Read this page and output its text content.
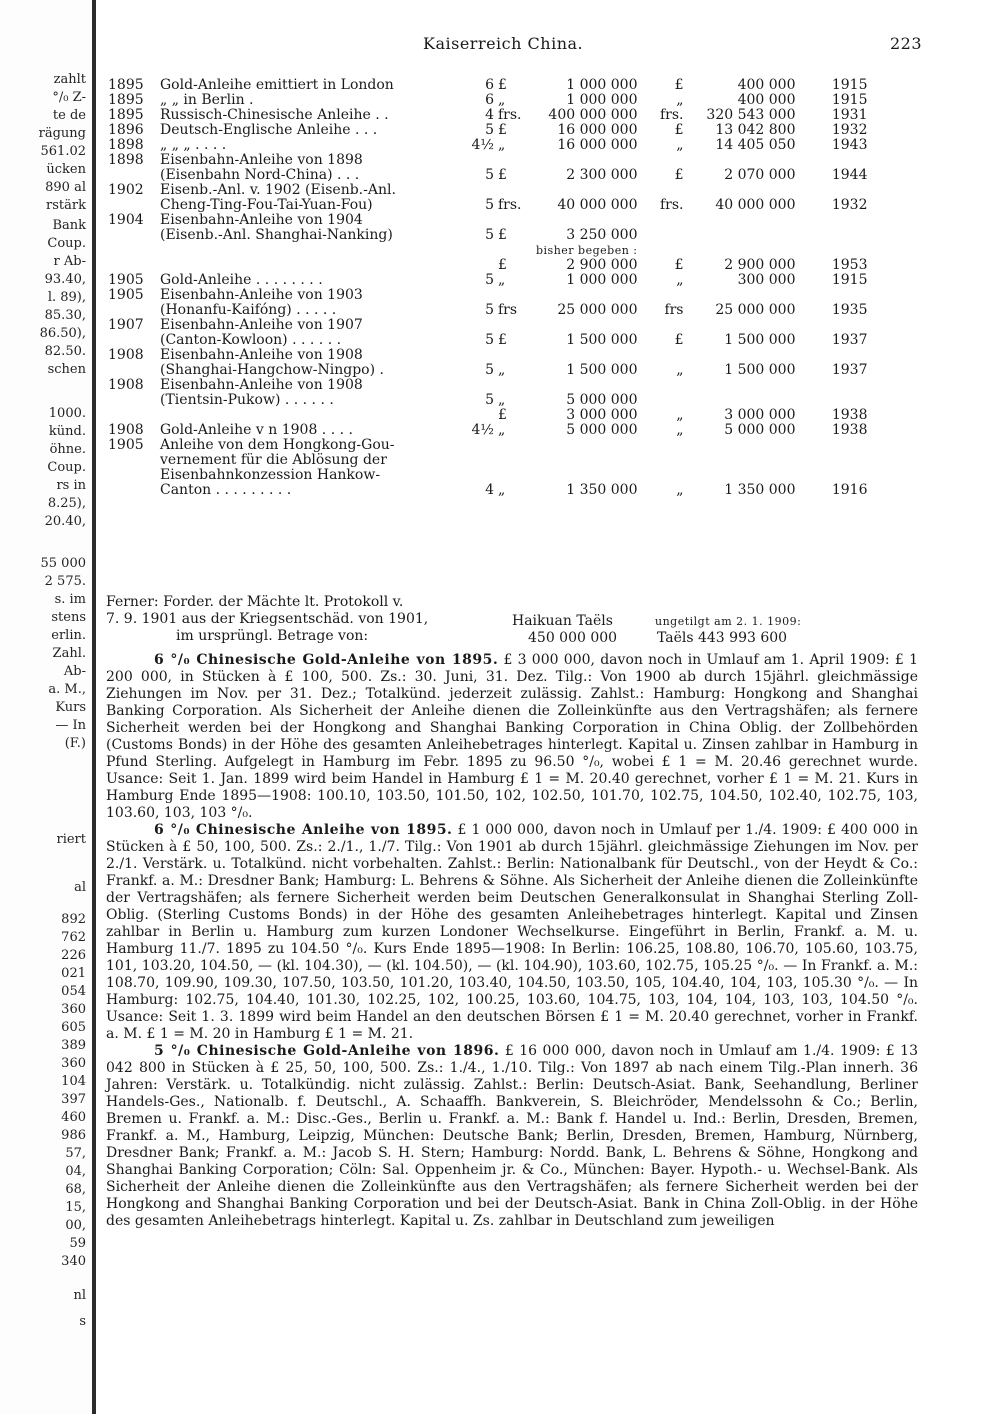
zahlt
°/₀ Z-
te de
rägung
561.02
ücken
890 al
rstärk
Bank
Coup.
r Ab-
93.40,
l. 89),
85.30,
86.50),
82.50.
schen
1000.
künd.
öhne.
Coup.
rs in
8.25),
20.40,
55 000
2 575.
s. im
stens
erlin.
Zahl.
Ab-
a. M.,
Kurs
— In
(F.)
riert
al
892
762
226
021
054
360
605
389
360
104
397
460
986
57,
04,
68,
15,
00,
59
340
nl
s
Kaiserreich China.	223
1895	Gold-Anleihe emittiert in London	6	£	1 000 000	£	400 000	1915
1895	„ „ in Berlin .	6	„	1 000 000	„	400 000	1915
1895	Russisch-Chinesische Anleihe . .	4	frs.	400 000 000	frs.	320 543 000	1931
1896	Deutsch-Englische Anleihe . . .	5	£	16 000 000	£	13 042 800	1932
1898	„ „ „ . . . .	4½	„	16 000 000	„	14 405 050	1943
1898	Eisenbahn-Anleihe von 1898						
	(Eisenbahn Nord-China) . . .	5	£	2 300 000	£	2 070 000	1944
1902	Eisenb.-Anl. v. 1902 (Eisenb.-Anl.						
	Cheng-Ting-Fou-Tai-Yuan-Fou)	5	frs.	40 000 000	frs.	40 000 000	1932
1904	Eisenbahn-Anleihe von 1904						
	(Eisenb.-Anl. Shanghai-Nanking)	5	£	3 250 000			
				bisher begeben :			
			£	2 900 000	£	2 900 000	1953
1905	Gold-Anleihe . . . . . . . .	5	„	1 000 000	„	300 000	1915
1905	Eisenbahn-Anleihe von 1903						
	(Honanfu-Kaifóng) . . . . .	5	frs	25 000 000	frs	25 000 000	1935
1907	Eisenbahn-Anleihe von 1907						
	(Canton-Kowloon) . . . . . .	5	£	1 500 000	£	1 500 000	1937
1908	Eisenbahn-Anleihe von 1908						
	(Shanghai-Hangchow-Ningpo) .	5	„	1 500 000	„	1 500 000	1937
1908	Eisenbahn-Anleihe von 1908						
	(Tientsin-Pukow) . . . . . .	5	„	5 000 000			
			£	3 000 000	„	3 000 000	1938
1908	Gold-Anleihe v n 1908 . . . .	4½	„	5 000 000	„	5 000 000	1938
1905	Anleihe von dem Hongkong-Gou-						
	vernement für die Ablösung der						
	Eisenbahnkonzession Hankow-						
	Canton . . . . . . . . .	4	„	1 350 000	„	1 350 000	1916
Ferner: Forder. der Mächte lt. Protokoll v.
7. 9. 1901 aus der Kriegsentschäd. von 1901,
im ursprüngl. Betrage von:
Haikuan Taëls	ungetilgt am 2. 1. 1909:
450 000 000	Taëls 443 993 600

6 °/₀ Chinesische Gold-Anleihe von 1895. £ 3 000 000, davon noch in Umlauf am 1. April 1909: £ 1 200 000, in Stücken à £ 100, 500. Zs.: 30. Juni, 31. Dez. Tilg.: Von 1900 ab durch 15jährl. gleichmässige Ziehungen im Nov. per 31. Dez.; Totalkünd. jederzeit zulässig. Zahlst.: Hamburg: Hongkong and Shanghai Banking Corporation. Als Sicherheit der Anleihe dienen die Zolleinkünfte aus den Vertragshäfen; als fernere Sicherheit werden bei der Hongkong and Shanghai Banking Corporation in China Oblig. der Zollbehörden (Customs Bonds) in der Höhe des gesamten Anleihebetrages hinterlegt. Kapital u. Zinsen zahlbar in Hamburg in Pfund Sterling. Aufgelegt in Hamburg im Febr. 1895 zu 96.50 °/₀, wobei £ 1 = M. 20.46 gerechnet wurde. Usance: Seit 1. Jan. 1899 wird beim Handel in Hamburg £ 1 = M. 20.40 gerechnet, vorher £ 1 = M. 21. Kurs in Hamburg Ende 1895—1908: 100.10, 103.50, 101.50, 102, 102.50, 101.70, 102.75, 104.50, 102.40, 102.75, 103, 103.60, 103, 103 °/₀.

6 °/₀ Chinesische Anleihe von 1895. £ 1 000 000, davon noch in Umlauf per 1./4. 1909: £ 400 000 in Stücken à £ 50, 100, 500. Zs.: 2./1., 1./7. Tilg.: Von 1901 ab durch 15jährl. gleichmässige Ziehungen im Nov. per 2./1. Verstärk. u. Totalkünd. nicht vorbehalten. Zahlst.: Berlin: Nationalbank für Deutschl., von der Heydt & Co.: Frankf. a. M.: Dresdner Bank; Hamburg: L. Behrens & Söhne. Als Sicherheit der Anleihe dienen die Zolleinkünfte der Vertragshäfen; als fernere Sicherheit werden beim Deutschen Generalkonsulat in Shanghai Sterling Zoll-Oblig. (Sterling Customs Bonds) in der Höhe des gesamten Anleihebetrages hinterlegt. Kapital und Zinsen zahlbar in Berlin u. Hamburg zum kurzen Londoner Wechselkurse. Eingeführt in Berlin, Frankf. a. M. u. Hamburg 11./7. 1895 zu 104.50 °/₀. Kurs Ende 1895—1908: In Berlin: 106.25, 108.80, 106.70, 105.60, 103.75, 101, 103.20, 104.50, — (kl. 104.30), — (kl. 104.50), — (kl. 104.90), 103.60, 102.75, 105.25 °/₀. — In Frankf. a. M.: 108.70, 109.90, 109.30, 107.50, 103.50, 101.20, 103.40, 104.50, 103.50, 105, 104.40, 104, 103, 105.30 °/₀. — In Hamburg: 102.75, 104.40, 101.30, 102.25, 102, 100.25, 103.60, 104.75, 103, 104, 104, 103, 103, 104.50 °/₀. Usance: Seit 1. 3. 1899 wird beim Handel an den deutschen Börsen £ 1 = M. 20.40 gerechnet, vorher in Frankf. a. M. £ 1 = M. 20 in Hamburg £ 1 = M. 21.

5 °/₀ Chinesische Gold-Anleihe von 1896. £ 16 000 000, davon noch in Umlauf am 1./4. 1909: £ 13 042 800 in Stücken à £ 25, 50, 100, 500. Zs.: 1./4., 1./10. Tilg.: Von 1897 ab nach einem Tilg.-Plan innerh. 36 Jahren: Verstärk. u. Totalkündig. nicht zulässig. Zahlst.: Berlin: Deutsch-Asiat. Bank, Seehandlung, Berliner Handels-Ges., Nationalb. f. Deutschl., A. Schaaffh. Bankverein, S. Bleichröder, Mendelssohn & Co.; Berlin, Bremen u. Frankf. a. M.: Disc.-Ges., Berlin u. Frankf. a. M.: Bank f. Handel u. Ind.: Berlin, Dresden, Bremen, Frankf. a. M., Hamburg, Leipzig, München: Deutsche Bank; Berlin, Dresden, Bremen, Hamburg, Nürnberg, Dresdner Bank; Frankf. a. M.: Jacob S. H. Stern; Hamburg: Nordd. Bank, L. Behrens & Söhne, Hongkong and Shanghai Banking Corporation; Cöln: Sal. Oppenheim jr. & Co., München: Bayer. Hypoth.- u. Wechsel-Bank. Als Sicherheit der Anleihe dienen die Zolleinkünfte aus den Vertragshäfen; als fernere Sicherheit werden bei der Hongkong and Shanghai Banking Corporation und bei der Deutsch-Asiat. Bank in China Zoll-Oblig. in der Höhe des gesamten Anleihebetrags hinterlegt. Kapital u. Zs. zahlbar in Deutschland zum jeweiligen
